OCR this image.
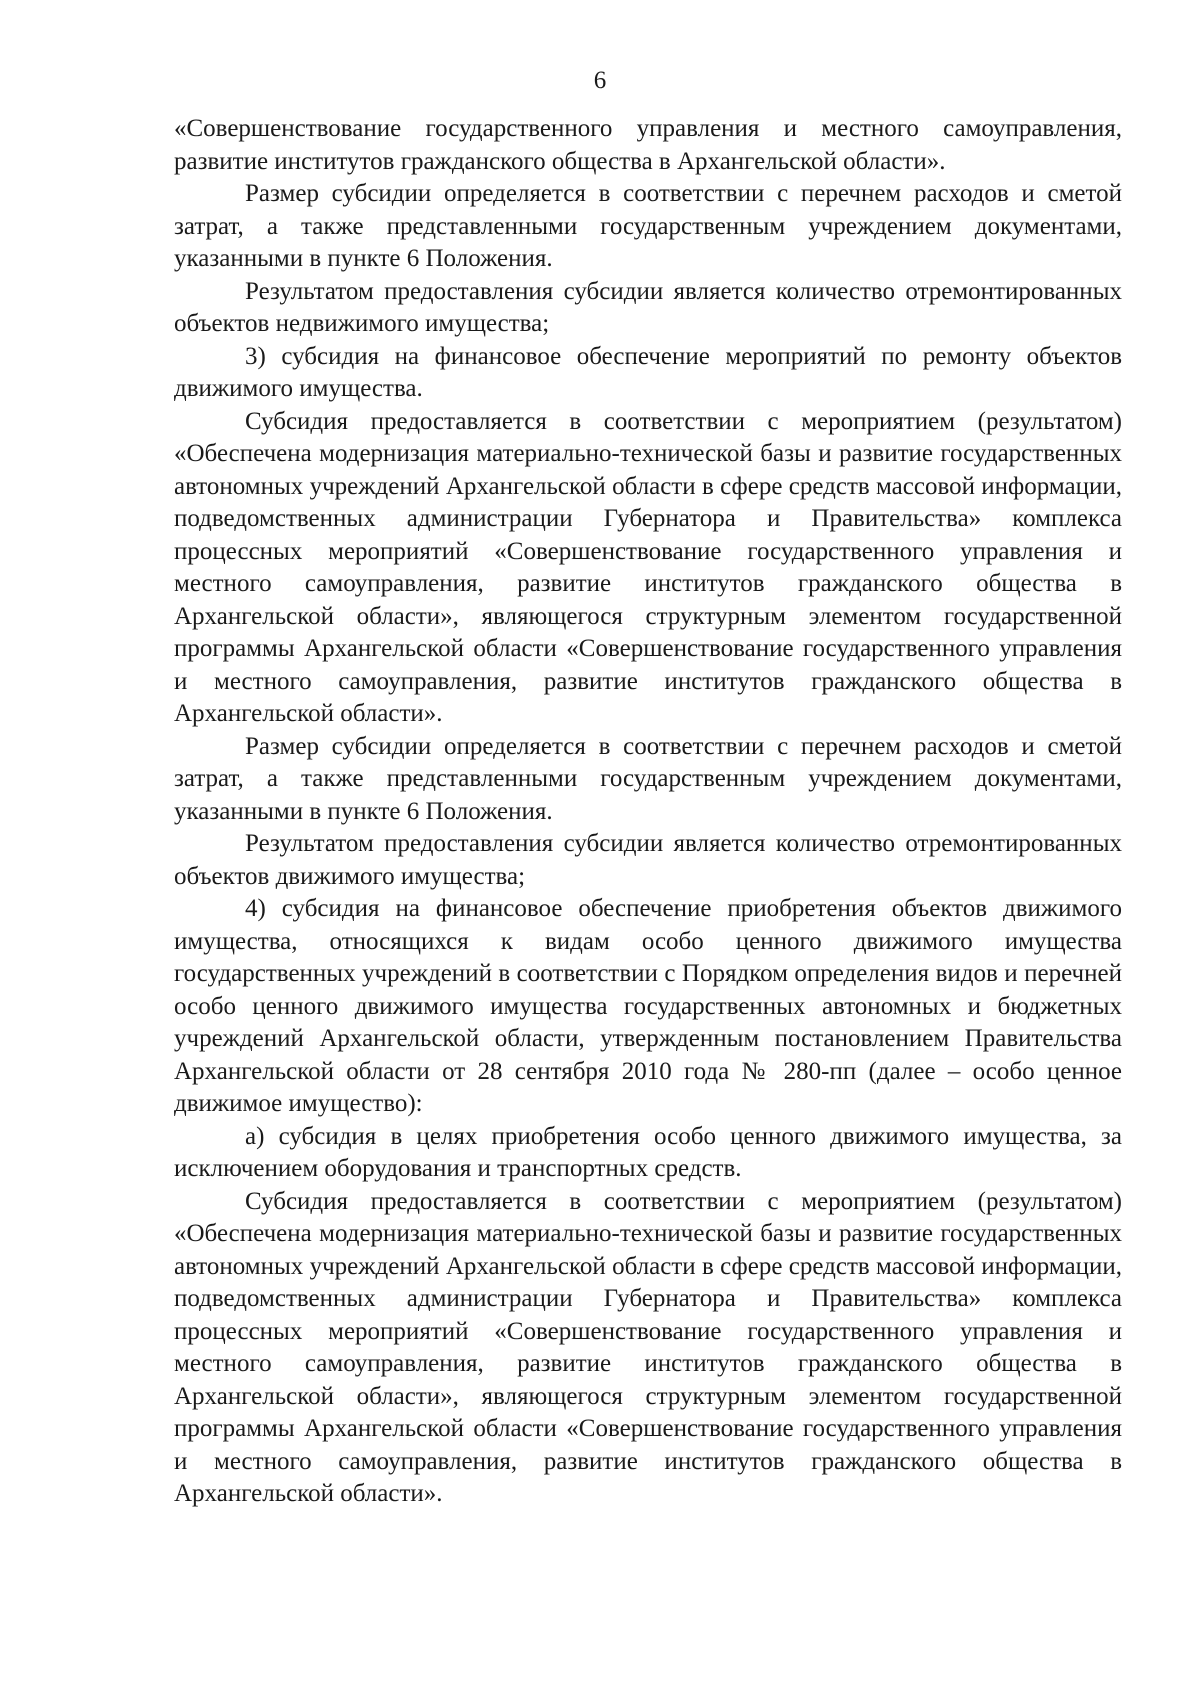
6

«Совершенствование государственного управления и местного самоуправления, развитие институтов гражданского общества в Архангельской области».

Размер субсидии определяется в соответствии с перечнем расходов и сметой затрат, а также представленными государственным учреждением документами, указанными в пункте 6 Положения.

Результатом предоставления субсидии является количество отремонтированных объектов недвижимого имущества;

3) субсидия на финансовое обеспечение мероприятий по ремонту объектов движимого имущества.

Субсидия предоставляется в соответствии с мероприятием (результатом) «Обеспечена модернизация материально-технической базы и развитие государственных автономных учреждений Архангельской области в сфере средств массовой информации, подведомственных администрации Губернатора и Правительства» комплекса процессных мероприятий «Совершенствование государственного управления и местного самоуправления, развитие институтов гражданского общества в Архангельской области», являющегося структурным элементом государственной программы Архангельской области «Совершенствование государственного управления и местного самоуправления, развитие институтов гражданского общества в Архангельской области».

Размер субсидии определяется в соответствии с перечнем расходов и сметой затрат, а также представленными государственным учреждением документами, указанными в пункте 6 Положения.

Результатом предоставления субсидии является количество отремонтированных объектов движимого имущества;

4) субсидия на финансовое обеспечение приобретения объектов движимого имущества, относящихся к видам особо ценного движимого имущества государственных учреждений в соответствии с Порядком определения видов и перечней особо ценного движимого имущества государственных автономных и бюджетных учреждений Архангельской области, утвержденным постановлением Правительства Архангельской области от 28 сентября 2010 года № 280-пп (далее – особо ценное движимое имущество):

а) субсидия в целях приобретения особо ценного движимого имущества, за исключением оборудования и транспортных средств.

Субсидия предоставляется в соответствии с мероприятием (результатом) «Обеспечена модернизация материально-технической базы и развитие государственных автономных учреждений Архангельской области в сфере средств массовой информации, подведомственных администрации Губернатора и Правительства» комплекса процессных мероприятий «Совершенствование государственного управления и местного самоуправления, развитие институтов гражданского общества в Архангельской области», являющегося структурным элементом государственной программы Архангельской области «Совершенствование государственного управления и местного самоуправления, развитие институтов гражданского общества в Архангельской области».
